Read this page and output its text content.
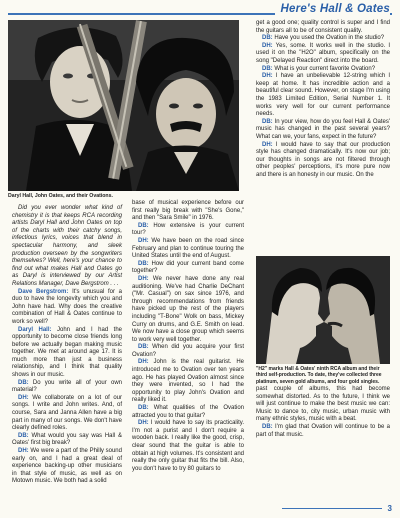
Here's Hall & Oates
Daryl Hall, John Oates, and their Ovations.

Did you ever wonder what kind of chemistry it is that keeps RCA recording artists Daryl Hall and John Oates on top of the charts with their catchy songs, infectious lyrics, voices that blend in spectacular harmony, and sleek production overseen by the songwriters themselves? Well, here's your chance to find out what makes Hall and Oates go as Daryl is interviewed by our Artist Relations Manager, Dave Bergstrom . . .

Dave Bergstrom: It's unusual for a duo to have the longevity which you and John have had. Why does the creative combination of Hall & Oates continue to work so well?

Daryl Hall: John and I had the opportunity to become close friends long before we actually began making music together. We met at around age 17. It is much more than just a business relationship, and I think that quality shows in our music.

DB: Do you write all of your own material?

DH: We collaborate on a lot of our songs. I write and John writes. And, of course, Sara and Janna Allen have a big part in many of our songs. We don't have clearly defined roles.

DB: What would you say was Hall & Oates' first big break?

DH: We were a part of the Philly sound early on, and I had a great deal of experience backing-up other musicians in that style of music, as well as on Motown music. We both had a solid

base of musical experience before our first really big break with "She's Gone," and then "Sara Smile" in 1976.

DB: How extensive is your current tour?

DH: We have been on the road since February and plan to continue touring the United States until the end of August.

DB: How did your current band come together?

DH: We never have done any real auditioning. We've had Charlie DeChant ("Mr. Casual") on sax since 1976, and through recommendations from friends have picked up the rest of the players including "T-Bone" Wolk on bass, Mickey Curry on drums, and G.E. Smith on lead. We now have a close group which seems to work very well together.

DB: When did you acquire your first Ovation?

DH: John is the real guitarist. He introduced me to Ovation over ten years ago. He has played Ovation almost since they were invented, so I had the opportunity to play John's Ovation and really liked it.

DB: What qualities of the Ovation attracted you to that guitar?

DH: I would have to say its practicality. I'm not a purist and I don't require a wooden back. I really like the good, crisp, clear sound that the guitar is able to obtain at high volumes. It's consistent and really the only guitar that fits the bill. Also, you don't have to try 80 guitars to

get a good one; quality control is super and I find the guitars all to be of consistent quality.

DB: Have you used the Ovation in the studio?

DH: Yes, some. It works well in the studio. I used it on the "H2O" album, specifically on the song "Delayed Reaction" direct into the board.

DB: What is your current favorite Ovation?

DH: I have an unbelievable 12-string which I keep at home. It has incredible action and a beautiful clear sound. However, on stage I'm using the 1983 Limited Edition, Serial Number 1. It works very well for our current performance needs.

DB: In your view, how do you feel Hall & Oates' music has changed in the past several years? What can we, your fans, expect in the future?

DH: I would have to say that our production style has changed dramatically. It's now our job; our thoughts in songs are not filtered through other peoples' perceptions, it's more pure now and there is an honesty in our music. On the

"H2" marks Hall & Oates' ninth RCA album and their third self-production. To date, they've collected three platinum, seven gold albums, and four gold singles.

past couple of albums, this had become somewhat distorted. As to the future, I think we will just continue to make the best music we can: Music to dance to, city music, urban music with many ethnic styles, music with a beat.

DB: I'm glad that Ovation will continue to be a part of that music.

3
